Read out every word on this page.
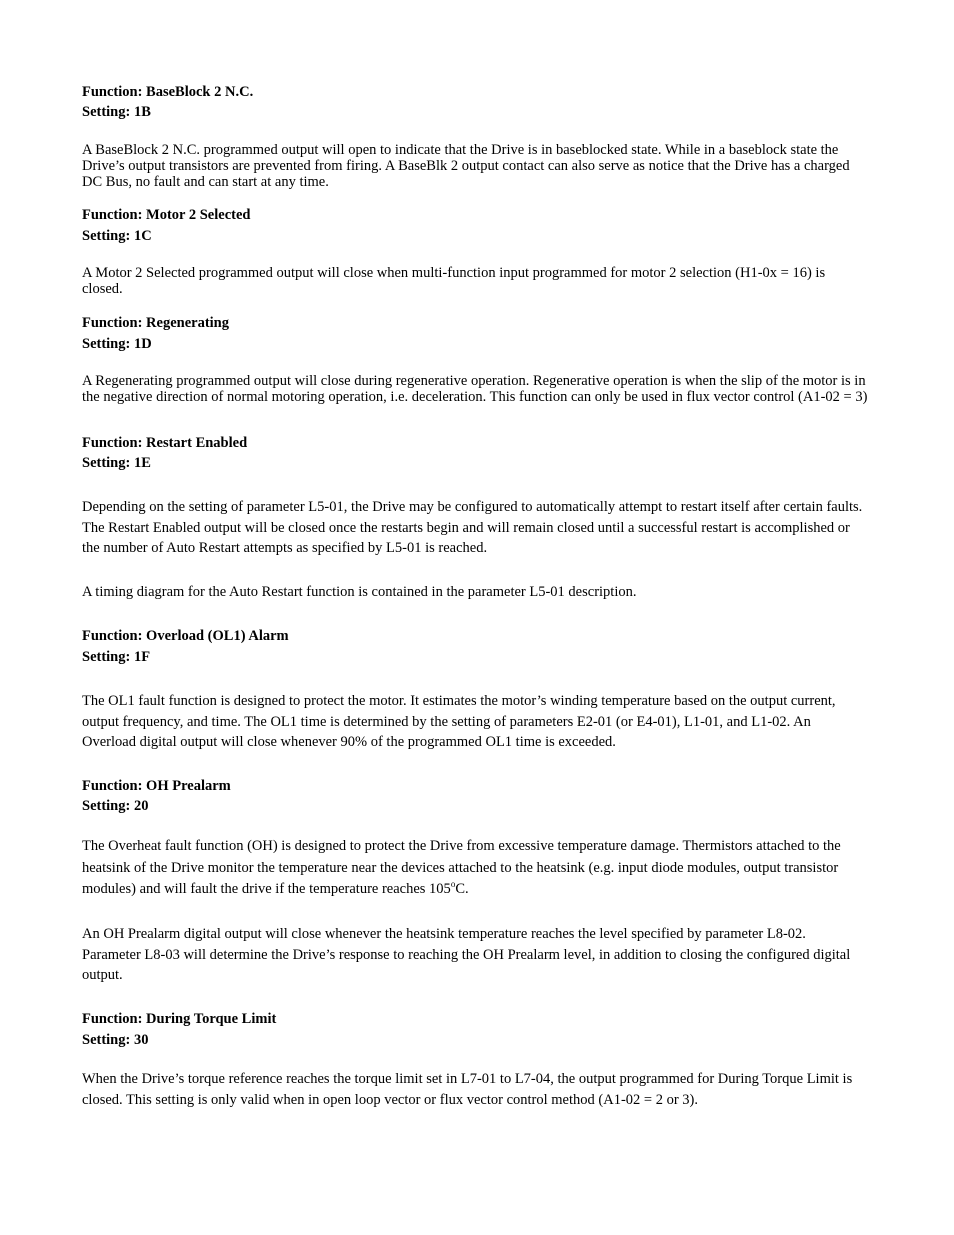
Function: BaseBlock 2 N.C.
Setting: 1B
A BaseBlock 2 N.C. programmed output will open to indicate that the Drive is in baseblocked state. While in a baseblock state the Drive’s output transistors are prevented from firing. A BaseBlk 2 output contact can also serve as notice that the Drive has a charged DC Bus, no fault and can start at any time.
Function: Motor 2 Selected
Setting: 1C
A Motor 2 Selected programmed output will close when multi-function input programmed for motor 2 selection (H1-0x = 16) is closed.
Function: Regenerating
Setting: 1D
A Regenerating programmed output will close during regenerative operation. Regenerative operation is when the slip of the motor is in the negative direction of normal motoring operation, i.e. deceleration. This function can only be used in flux vector control (A1-02 = 3)
Function: Restart Enabled
Setting: 1E
Depending on the setting of parameter L5-01, the Drive may be configured to automatically attempt to restart itself after certain faults. The Restart Enabled output will be closed once the restarts begin and will remain closed until a successful restart is accomplished or the number of Auto Restart attempts as specified by L5-01 is reached.
A timing diagram for the Auto Restart function is contained in the parameter L5-01 description.
Function: Overload (OL1) Alarm
Setting: 1F
The OL1 fault function is designed to protect the motor. It estimates the motor’s winding temperature based on the output current, output frequency, and time. The OL1 time is determined by the setting of parameters E2-01 (or E4-01), L1-01, and L1-02. An Overload digital output will close whenever 90% of the programmed OL1 time is exceeded.
Function: OH Prealarm
Setting: 20
The Overheat fault function (OH) is designed to protect the Drive from excessive temperature damage. Thermistors attached to the heatsink of the Drive monitor the temperature near the devices attached to the heatsink (e.g. input diode modules, output transistor modules) and will fault the drive if the temperature reaches 105$^o$C.
An OH Prealarm digital output will close whenever the heatsink temperature reaches the level specified by parameter L8-02. Parameter L8-03 will determine the Drive’s response to reaching the OH Prealarm level, in addition to closing the configured digital output.
Function: During Torque Limit
Setting: 30
When the Drive’s torque reference reaches the torque limit set in L7-01 to L7-04, the output programmed for During Torque Limit is closed. This setting is only valid when in open loop vector or flux vector control method (A1-02 = 2 or 3).
